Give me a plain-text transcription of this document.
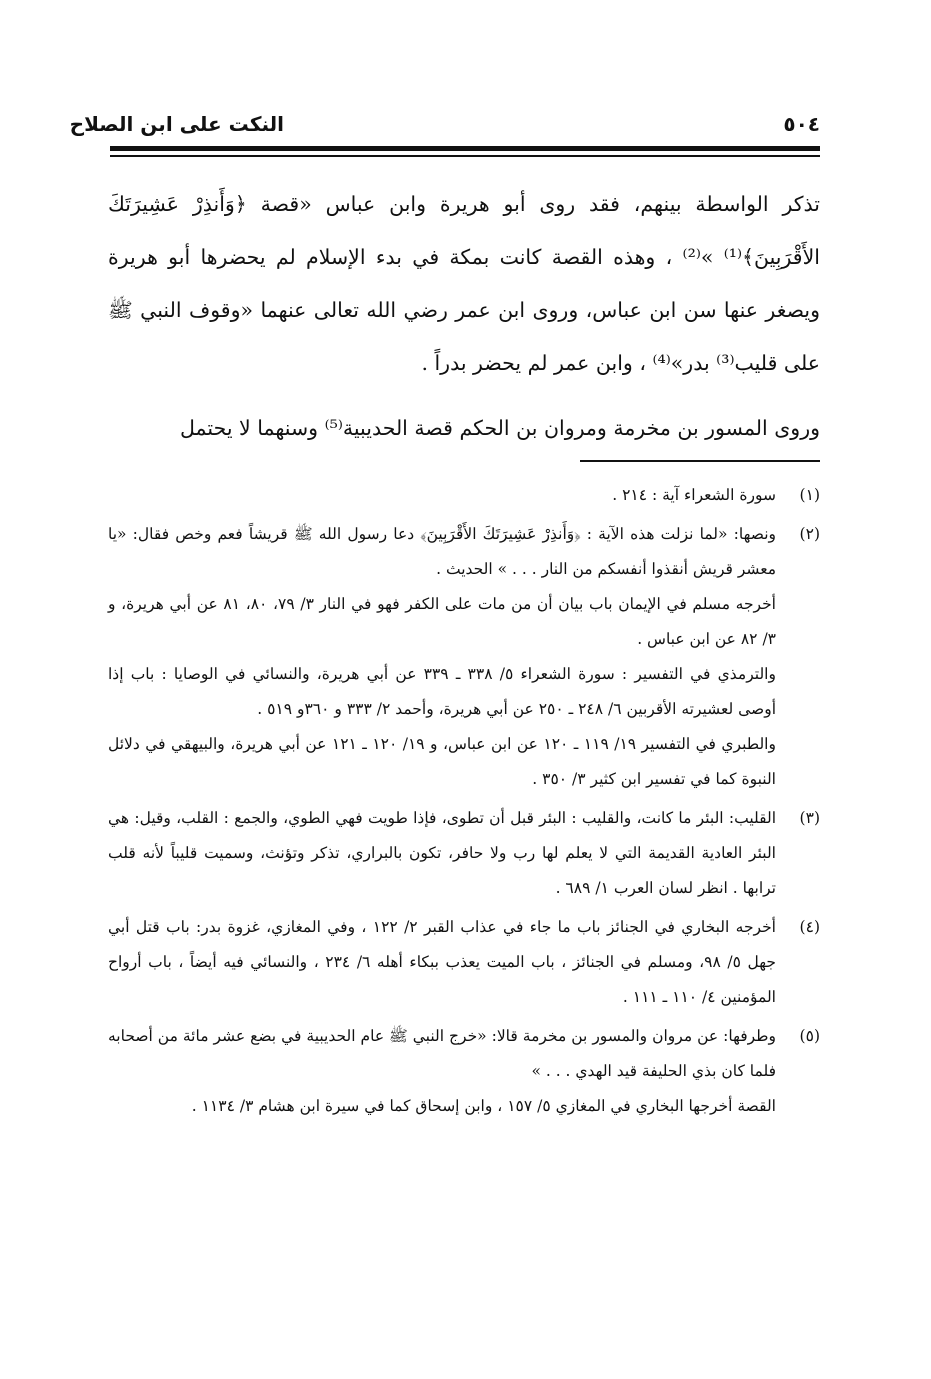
٥٠٤
النكت على ابن الصلاح

تذكر الواسطة بينهم، فقد روى أبو هريرة وابن عباس «قصة ﴿وَأَنذِرْ عَشِيرَتَكَ الأَقْرَبِينَ﴾⁽¹⁾ »⁽²⁾ ، وهذه القصة كانت بمكة في بدء الإسلام لم يحضرها أبو هريرة ويصغر عنها سن ابن عباس، وروى ابن عمر رضي الله تعالى عنهما «وقوف النبي ﷺ على قليب⁽³⁾ بدر»⁽⁴⁾ ، وابن عمر لم يحضر بدراً .

وروى المسور بن مخرمة ومروان بن الحكم قصة الحديبية⁽⁵⁾ وسنهما لا يحتمل

(١)

سورة الشعراء آية : ٢١٤ .

(٢)

ونصها: «لما نزلت هذه الآية : ﴿وَأَنذِرْ عَشِيرَتَكَ الأَقْرَبِينَ﴾ دعا رسول الله ﷺ قريشاً فعم وخص فقال: «يا معشر قريش أنقذوا أنفسكم من النار . . . » الحديث .

أخرجه مسلم في الإيمان باب بيان أن من مات على الكفر فهو في النار ٣/ ٧٩، ٨٠، ٨١ عن أبي هريرة، و ٣/ ٨٢ عن ابن عباس .

والترمذي في التفسير : سورة الشعراء ٥/ ٣٣٨ ـ ٣٣٩ عن أبي هريرة، والنسائي في الوصايا : باب إذا أوصى لعشيرته الأقربين ٦/ ٢٤٨ ـ ٢٥٠ عن أبي هريرة، وأحمد ٢/ ٣٣٣ و ٣٦٠و ٥١٩ .

والطبري في التفسير ١٩/ ١١٩ ـ ١٢٠ عن ابن عباس، و ١٩/ ١٢٠ ـ ١٢١ عن أبي هريرة، والبيهقي في دلائل النبوة كما في تفسير ابن كثير ٣/ ٣٥٠ .

(٣)

القليب: البئر ما كانت، والقليب : البئر قبل أن تطوى، فإذا طويت فهي الطوي، والجمع : القلب، وقيل: هي البئر العادية القديمة التي لا يعلم لها رب ولا حافر، تكون بالبراري، تذكر وتؤنث، وسميت قليباً لأنه قلب ترابها . انظر لسان العرب ١/ ٦٨٩ .

(٤)

أخرجه البخاري في الجنائز باب ما جاء في عذاب القبر ٢/ ١٢٢ ، وفي المغازي، غزوة بدر: باب قتل أبي جهل ٥/ ٩٨، ومسلم في الجنائز ، باب الميت يعذب ببكاء أهله ٦/ ٢٣٤ ، والنسائي فيه أيضاً ، باب أرواح المؤمنين ٤/ ١١٠ ـ ١١١ .

(٥)

وطرفها: عن مروان والمسور بن مخرمة قالا: «خرج النبي ﷺ عام الحديبية في بضع عشر مائة من أصحابه فلما كان بذي الحليفة قيد الهدي . . . »

القصة أخرجها البخاري في المغازي ٥/ ١٥٧ ، وابن إسحاق كما في سيرة ابن هشام ٣/ ١١٣٤ .
